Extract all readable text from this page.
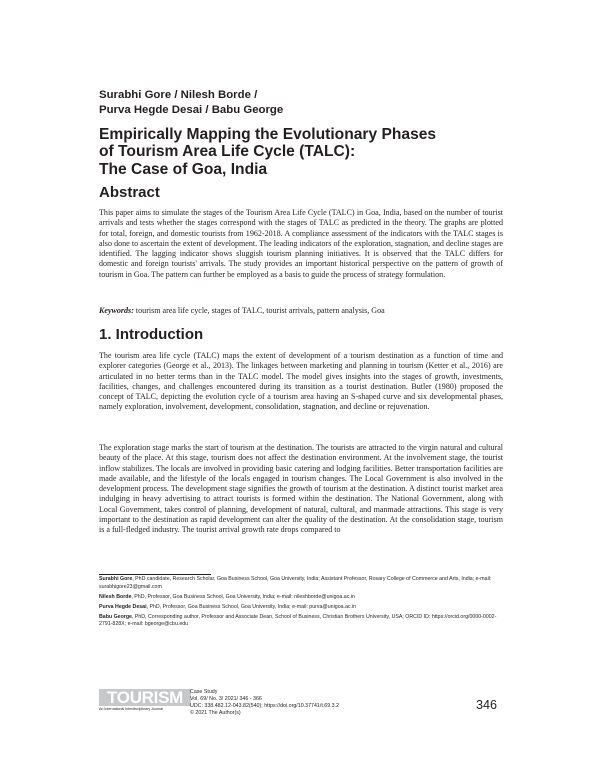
Surabhi Gore / Nilesh Borde /
Purva Hegde Desai / Babu George
Empirically Mapping the Evolutionary Phases
of Tourism Area Life Cycle (TALC):
The Case of Goa, India
Abstract
This paper aims to simulate the stages of the Tourism Area Life Cycle (TALC) in Goa, India, based on the number of tourist arrivals and tests whether the stages correspond with the stages of TALC as predicted in the theory. The graphs are plotted for total, foreign, and domestic tourists from 1962-2018. A compliance assessment of the indicators with the TALC stages is also done to ascertain the extent of development. The leading indicators of the exploration, stagnation, and decline stages are identified. The lagging indicator shows sluggish tourism planning initiatives. It is observed that the TALC differs for domestic and foreign tourists' arrivals. The study provides an important historical perspective on the pattern of growth of tourism in Goa. The pattern can further be employed as a basis to guide the process of strategy formulation.
Keywords: tourism area life cycle, stages of TALC, tourist arrivals, pattern analysis, Goa
1. Introduction
The tourism area life cycle (TALC) maps the extent of development of a tourism destination as a function of time and explorer categories (George et al., 2013). The linkages between marketing and planning in tourism (Ketter et al., 2016) are articulated in no better terms than in the TALC model. The model gives insights into the stages of growth, investments, facilities, changes, and challenges encountered during its transition as a tourist destination. Butler (1980) proposed the concept of TALC, depicting the evolution cycle of a tourism area having an S-shaped curve and six developmental phases, namely exploration, involvement, development, consolidation, stagnation, and decline or rejuvenation.
The exploration stage marks the start of tourism at the destination. The tourists are attracted to the virgin natural and cultural beauty of the place. At this stage, tourism does not affect the destination environment. At the involvement stage, the tourist inflow stabilizes. The locals are involved in providing basic catering and lodging facilities. Better transportation facilities are made available, and the lifestyle of the locals engaged in tourism changes. The Local Government is also involved in the development process. The development stage signifies the growth of tourism at the destination. A distinct tourist market area indulging in heavy advertising to attract tourists is formed within the destination. The National Government, along with Local Government, takes control of planning, development of natural, cultural, and manmade attractions. This stage is very important to the destination as rapid development can alter the quality of the destination. At the consolidation stage, tourism is a full-fledged industry. The tourist arrival growth rate drops compared to

Surabhi Gore, PhD candidate, Research Scholar, Goa Business School, Goa University, India; Assistant Professor, Rosary College of Commerce and Arts, India; e-mail: surabhigore23@gmail.com

Nilesh Borde, PhD, Professor, Goa Business School, Goa University, India; e-mail: nileshborde@unigoa.ac.in

Purva Hegde Desai, PhD, Professor, Goa Business School, Goa University, India; e-mail: purva@unigoa.ac.in

Babu George, PhD, Corresponding author, Professor and Associate Dean, School of Business, Christian Brothers University, USA; ORCID ID: https://orcid.org/0000-0002-2791-828X; e-mail: bgeorge@cbu.edu

TOURISM
An International Interdisciplinary Journal
Case Study
Vol. 69/ No. 3/ 2021/ 346 - 366
UDC: 338.482.12-043.82(540); https://doi.org/10.37741/t.69.3.2
© 2021 The Author(s)
346
